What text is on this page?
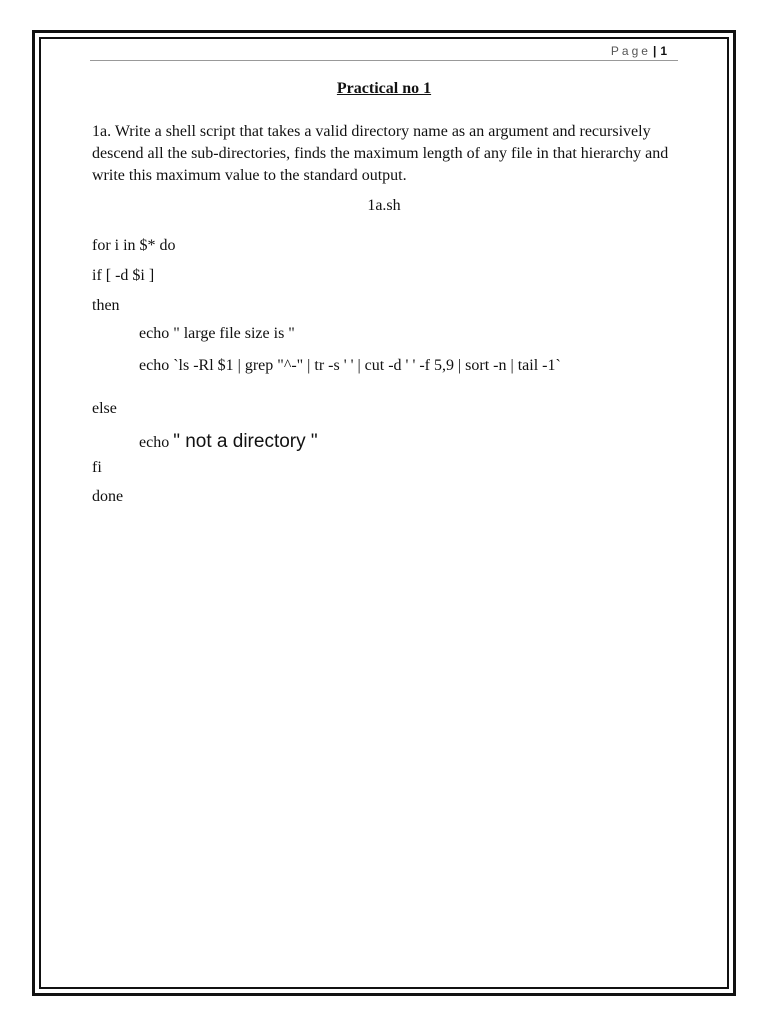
Page | 1
Practical no 1
1a. Write a shell script that takes a valid directory name as an argument and recursively descend all the sub-directories, finds the maximum length of any file in that hierarchy and write this maximum value to the standard output.
1a.sh
for i in $* do
if [ -d $i ]
then
echo " large file size is "
echo `ls -Rl $1 | grep "^-" | tr -s ' ' | cut -d ' ' -f 5,9 | sort -n | tail -1`
else
echo " not a directory "
fi
done
